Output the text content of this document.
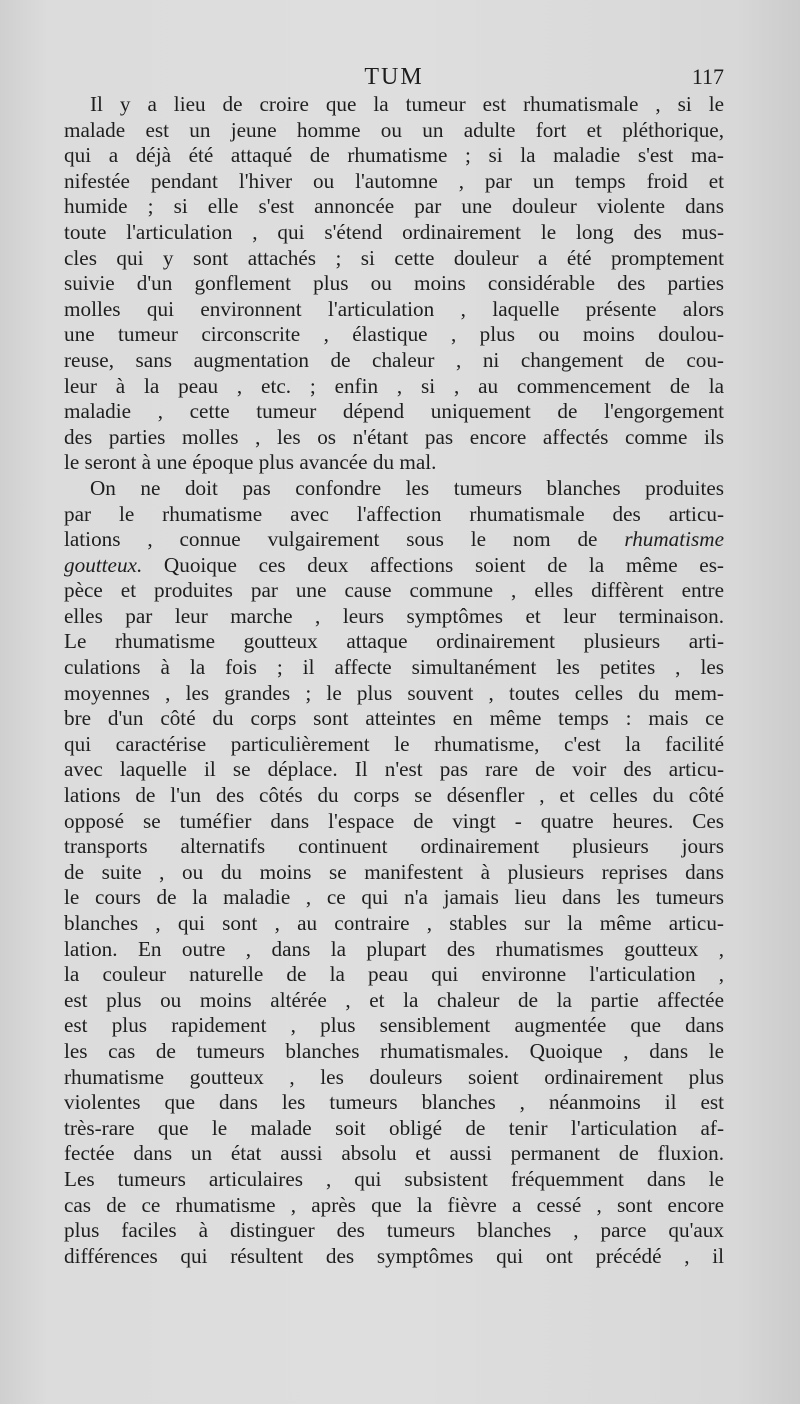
TUM	117
Il y a lieu de croire que la tumeur est rhumatismale , si le
malade est un jeune homme ou un adulte fort et pléthorique,
qui a déjà été attaqué de rhumatisme ; si la maladie s'est ma-
nifestée pendant l'hiver ou l'automne , par un temps froid et
humide ; si elle s'est annoncée par une douleur violente dans
toute l'articulation , qui s'étend ordinairement le long des mus-
cles qui y sont attachés ; si cette douleur a été promptement
suivie d'un gonflement plus ou moins considérable des parties
molles qui environnent l'articulation , laquelle présente alors
une tumeur circonscrite , élastique , plus ou moins doulou-
reuse, sans augmentation de chaleur , ni changement de cou-
leur à la peau , etc. ; enfin , si , au commencement de la
maladie , cette tumeur dépend uniquement de l'engorgement
des parties molles , les os n'étant pas encore affectés comme ils
le seront à une époque plus avancée du mal.
On ne doit pas confondre les tumeurs blanches produites
par le rhumatisme avec l'affection rhumatismale des articu-
lations , connue vulgairement sous le nom de rhumatisme
goutteux. Quoique ces deux affections soient de la même es-
pèce et produites par une cause commune , elles diffèrent entre
elles par leur marche , leurs symptômes et leur terminaison.
Le rhumatisme goutteux attaque ordinairement plusieurs arti-
culations à la fois ; il affecte simultanément les petites , les
moyennes , les grandes ; le plus souvent , toutes celles du mem-
bre d'un côté du corps sont atteintes en même temps : mais ce
qui caractérise particulièrement le rhumatisme, c'est la facilité
avec laquelle il se déplace. Il n'est pas rare de voir des articu-
lations de l'un des côtés du corps se désenfler , et celles du côté
opposé se tuméfier dans l'espace de vingt - quatre heures. Ces
transports alternatifs continuent ordinairement plusieurs jours
de suite , ou du moins se manifestent à plusieurs reprises dans
le cours de la maladie , ce qui n'a jamais lieu dans les tumeurs
blanches , qui sont , au contraire , stables sur la même articu-
lation. En outre , dans la plupart des rhumatismes goutteux ,
la couleur naturelle de la peau qui environne l'articulation ,
est plus ou moins altérée , et la chaleur de la partie affectée
est plus rapidement , plus sensiblement augmentée que dans
les cas de tumeurs blanches rhumatismales. Quoique , dans le
rhumatisme goutteux , les douleurs soient ordinairement plus
violentes que dans les tumeurs blanches , néanmoins il est
très-rare que le malade soit obligé de tenir l'articulation af-
fectée dans un état aussi absolu et aussi permanent de fluxion.
Les tumeurs articulaires , qui subsistent fréquemment dans le
cas de ce rhumatisme , après que la fièvre a cessé , sont encore
plus faciles à distinguer des tumeurs blanches , parce qu'aux
différences qui résultent des symptômes qui ont précédé , il
